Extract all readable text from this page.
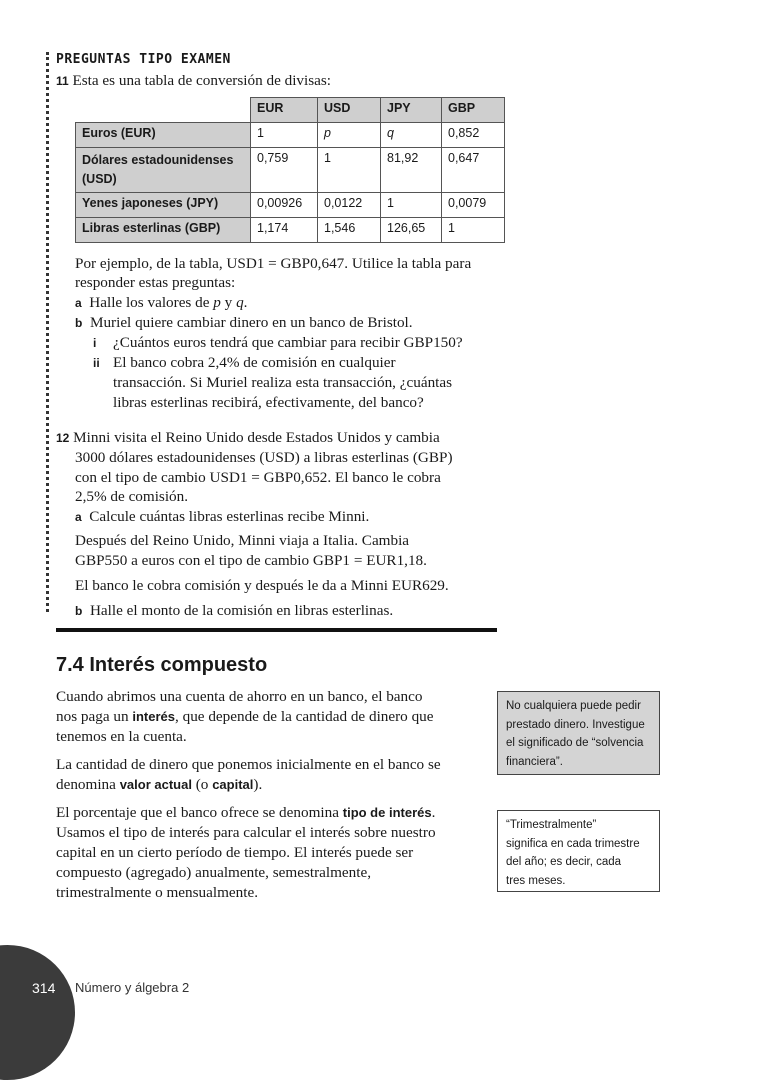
PREGUNTAS TIPO EXAMEN
11 Esta es una tabla de conversión de divisas:
	EUR	USD	JPY	GBP
Euros (EUR)	1	p	q	0,852
Dólares estadounidenses (USD)	0,759	1	81,92	0,647
Yenes japoneses (JPY)	0,00926	0,0122	1	0,0079
Libras esterlinas (GBP)	1,174	1,546	126,65	1
Por ejemplo, de la tabla, USD1 = GBP0,647. Utilice la tabla para
responder estas preguntas:
a Halle los valores de p y q.
b Muriel quiere cambiar dinero en un banco de Bristol.
i ¿Cuántos euros tendrá que cambiar para recibir GBP150?
ii El banco cobra 2,4% de comisión en cualquier
transacción. Si Muriel realiza esta transacción, ¿cuántas
libras esterlinas recibirá, efectivamente, del banco?
12 Minni visita el Reino Unido desde Estados Unidos y cambia
3000 dólares estadounidenses (USD) a libras esterlinas (GBP)
con el tipo de cambio USD1 = GBP0,652. El banco le cobra
2,5% de comisión.
a Calcule cuántas libras esterlinas recibe Minni.
Después del Reino Unido, Minni viaja a Italia. Cambia
GBP550 a euros con el tipo de cambio GBP1 = EUR1,18.
El banco le cobra comisión y después le da a Minni EUR629.
b Halle el monto de la comisión en libras esterlinas.
7.4 Interés compuesto
Cuando abrimos una cuenta de ahorro en un banco, el banco
nos paga un interés, que depende de la cantidad de dinero que
tenemos en la cuenta.
La cantidad de dinero que ponemos inicialmente en el banco se
denomina valor actual (o capital).
El porcentaje que el banco ofrece se denomina tipo de interés.
Usamos el tipo de interés para calcular el interés sobre nuestro
capital en un cierto período de tiempo. El interés puede ser
compuesto (agregado) anualmente, semestralmente,
trimestralmente o mensualmente.
No cualquiera puede pedir
prestado dinero. Investigue
el significado de “solvencia
financiera”.
“Trimestralmente”
significa en cada trimestre
del año; es decir, cada
tres meses.
314 Número y álgebra 2
